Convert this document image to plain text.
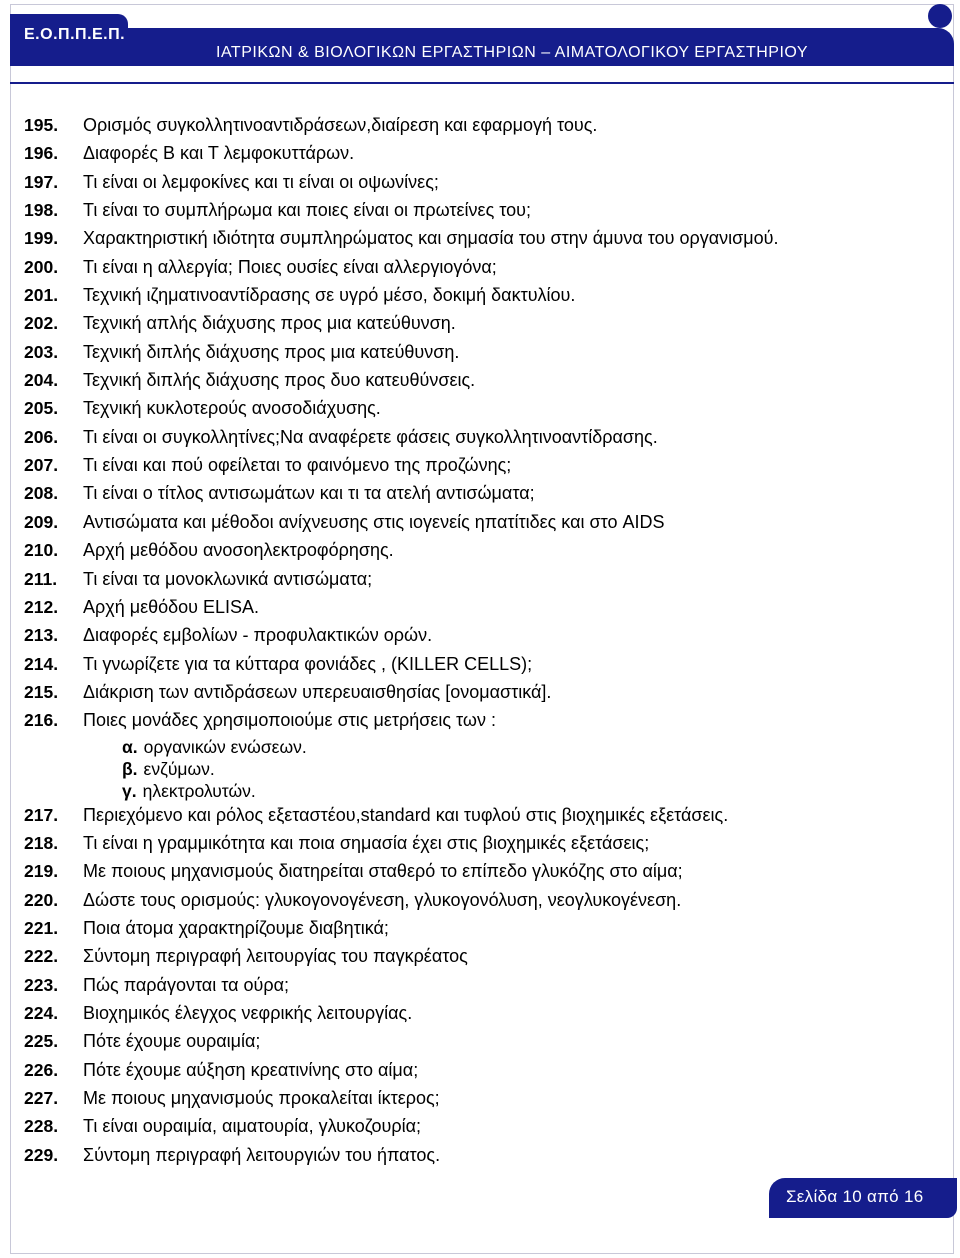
Ε.Ο.Π.Π.Ε.Π.
ΙΑΤΡΙΚΩΝ & ΒΙΟΛΟΓΙΚΩΝ ΕΡΓΑΣΤΗΡΙΩΝ – ΑΙΜΑΤΟΛΟΓΙΚΟΥ ΕΡΓΑΣΤΗΡΙΟΥ
195. Ορισμός συγκολλητινοαντιδράσεων,διαίρεση και εφαρμογή τους.
196. Διαφορές Β και Τ λεμφοκυττάρων.
197. Τι είναι οι λεμφοκίνες και τι είναι οι οψωνίνες;
198. Τι είναι το συμπλήρωμα και ποιες είναι οι πρωτείνες του;
199. Χαρακτηριστική ιδιότητα συμπληρώματος και σημασία του στην άμυνα του οργανισμού.
200. Τι είναι η αλλεργία; Ποιες ουσίες είναι αλλεργιογόνα;
201. Τεχνική ιζηματινοαντίδρασης σε υγρό μέσο, δοκιμή δακτυλίου.
202. Τεχνική απλής διάχυσης προς μια κατεύθυνση.
203. Τεχνική διπλής διάχυσης προς μια κατεύθυνση.
204. Τεχνική διπλής διάχυσης προς δυο κατευθύνσεις.
205. Τεχνική κυκλοτερούς ανοσοδιάχυσης.
206. Τι είναι οι συγκολλητίνες;Να αναφέρετε φάσεις συγκολλητινοαντίδρασης.
207. Τι είναι και πού οφείλεται το φαινόμενο της προζώνης;
208. Τι είναι ο τίτλος αντισωμάτων και τι τα ατελή αντισώματα;
209. Αντισώματα και μέθοδοι ανίχνευσης στις ιογενείς ηπατίτιδες και στο AIDS
210. Αρχή μεθόδου ανοσοηλεκτροφόρησης.
211. Τι είναι τα μονοκλωνικά αντισώματα;
212. Αρχή μεθόδου ELISA.
213. Διαφορές εμβολίων - προφυλακτικών ορών.
214. Τι γνωρίζετε για τα κύτταρα φονιάδες , (KILLER CELLS);
215. Διάκριση των αντιδράσεων υπερευαισθησίας [ονομαστικά].
216. Ποιες μονάδες χρησιμοποιούμε στις μετρήσεις των :
α. οργανικών ενώσεων.
β. ενζύμων.
γ. ηλεκτρολυτών.
217. Περιεχόμενο και ρόλος εξεταστέου,standard και τυφλού στις βιοχημικές εξετάσεις.
218. Τι είναι η γραμμικότητα και ποια σημασία έχει στις βιοχημικές εξετάσεις;
219. Με ποιους μηχανισμούς διατηρείται σταθερό το επίπεδο γλυκόζης στο αίμα;
220. Δώστε τους ορισμούς: γλυκογονογένεση, γλυκογονόλυση, νεογλυκογένεση.
221. Ποια άτομα χαρακτηρίζουμε διαβητικά;
222. Σύντομη περιγραφή λειτουργίας του παγκρέατος
223. Πώς παράγονται τα ούρα;
224. Βιοχημικός έλεγχος νεφρικής λειτουργίας.
225. Πότε έχουμε ουραιμία;
226. Πότε έχουμε αύξηση κρεατινίνης στο αίμα;
227. Με ποιους μηχανισμούς προκαλείται ίκτερος;
228. Τι είναι ουραιμία, αιματουρία, γλυκοζουρία;
229. Σύντομη περιγραφή λειτουργιών του ήπατος.
Σελίδα 10 από 16
